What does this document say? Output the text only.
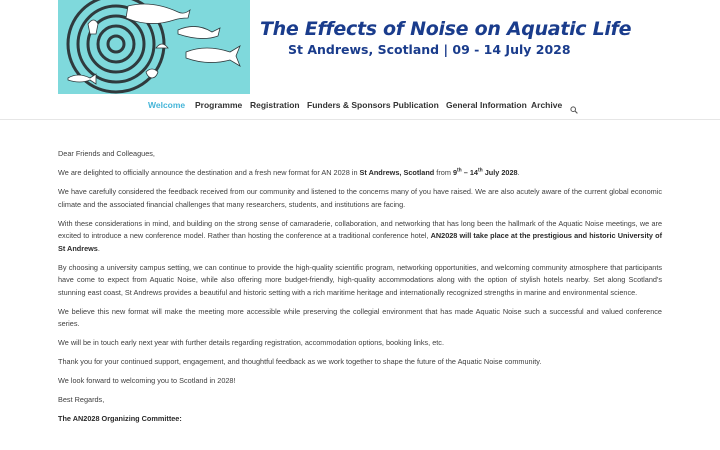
The Effects of Noise on Aquatic Life
St Andrews, Scotland | 09 - 14 July 2028
Welcome Programme Registration Funders & Sponsors Publication General Information Archive

Dear Friends and Colleagues,

We are delighted to officially announce the destination and a fresh new format for AN 2028 in St Andrews, Scotland from 9th – 14th July 2028.

We have carefully considered the feedback received from our community and listened to the concerns many of you have raised. We are also acutely aware of the current global economic climate and the associated financial challenges that many researchers, students, and institutions are facing.

With these considerations in mind, and building on the strong sense of camaraderie, collaboration, and networking that has long been the hallmark of the Aquatic Noise meetings, we are excited to introduce a new conference model. Rather than hosting the conference at a traditional conference hotel, AN2028 will take place at the prestigious and historic University of St Andrews.

By choosing a university campus setting, we can continue to provide the high-quality scientific program, networking opportunities, and welcoming community atmosphere that participants have come to expect from Aquatic Noise, while also offering more budget-friendly, high-quality accommodations along with the option of stylish hotels nearby. Set along Scotland's stunning east coast, St Andrews provides a beautiful and historic setting with a rich maritime heritage and internationally recognized strengths in marine and environmental science.

We believe this new format will make the meeting more accessible while preserving the collegial environment that has made Aquatic Noise such a successful and valued conference series.

We will be in touch early next year with further details regarding registration, accommodation options, booking links, etc.

Thank you for your continued support, engagement, and thoughtful feedback as we work together to shape the future of the Aquatic Noise community.

We look forward to welcoming you to Scotland in 2028!

Best Regards,

The AN2028 Organizing Committee:
